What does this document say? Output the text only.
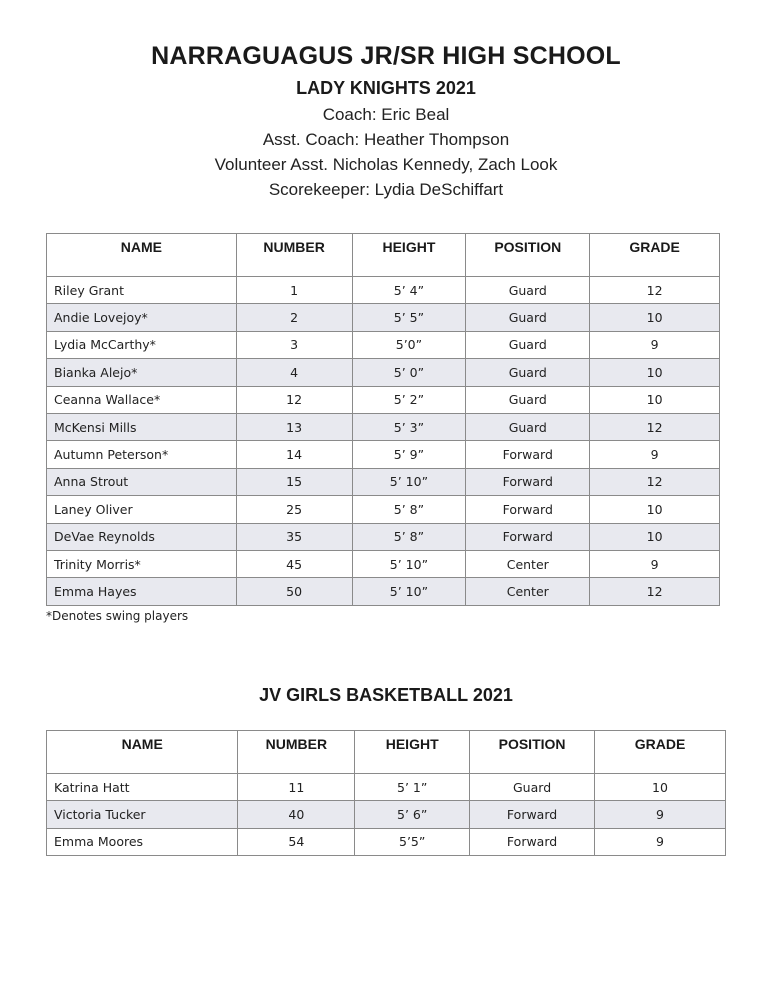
NARRAGUAGUS JR/SR HIGH SCHOOL
LADY KNIGHTS 2021
Coach: Eric Beal
Asst. Coach: Heather Thompson
Volunteer Asst. Nicholas Kennedy, Zach Look
Scorekeeper: Lydia DeSchiffart
NAME	NUMBER	HEIGHT	POSITION	GRADE
Riley Grant	1	5’ 4”	Guard	12
Andie Lovejoy*	2	5’ 5”	Guard	10
Lydia McCarthy*	3	5’0”	Guard	9
Bianka Alejo*	4	5’ 0”	Guard	10
Ceanna Wallace*	12	5’ 2”	Guard	10
McKensi Mills	13	5’ 3”	Guard	12
Autumn Peterson*	14	5’ 9”	Forward	9
Anna Strout	15	5’ 10”	Forward	12
Laney Oliver	25	5’ 8”	Forward	10
DeVae Reynolds	35	5’ 8”	Forward	10
Trinity Morris*	45	5’ 10”	Center	9
Emma Hayes	50	5’ 10”	Center	12
*Denotes swing players
JV GIRLS BASKETBALL 2021
NAME	NUMBER	HEIGHT	POSITION	GRADE
Katrina Hatt	11	5’ 1”	Guard	10
Victoria Tucker	40	5’ 6”	Forward	9
Emma Moores	54	5’5”	Forward	9
